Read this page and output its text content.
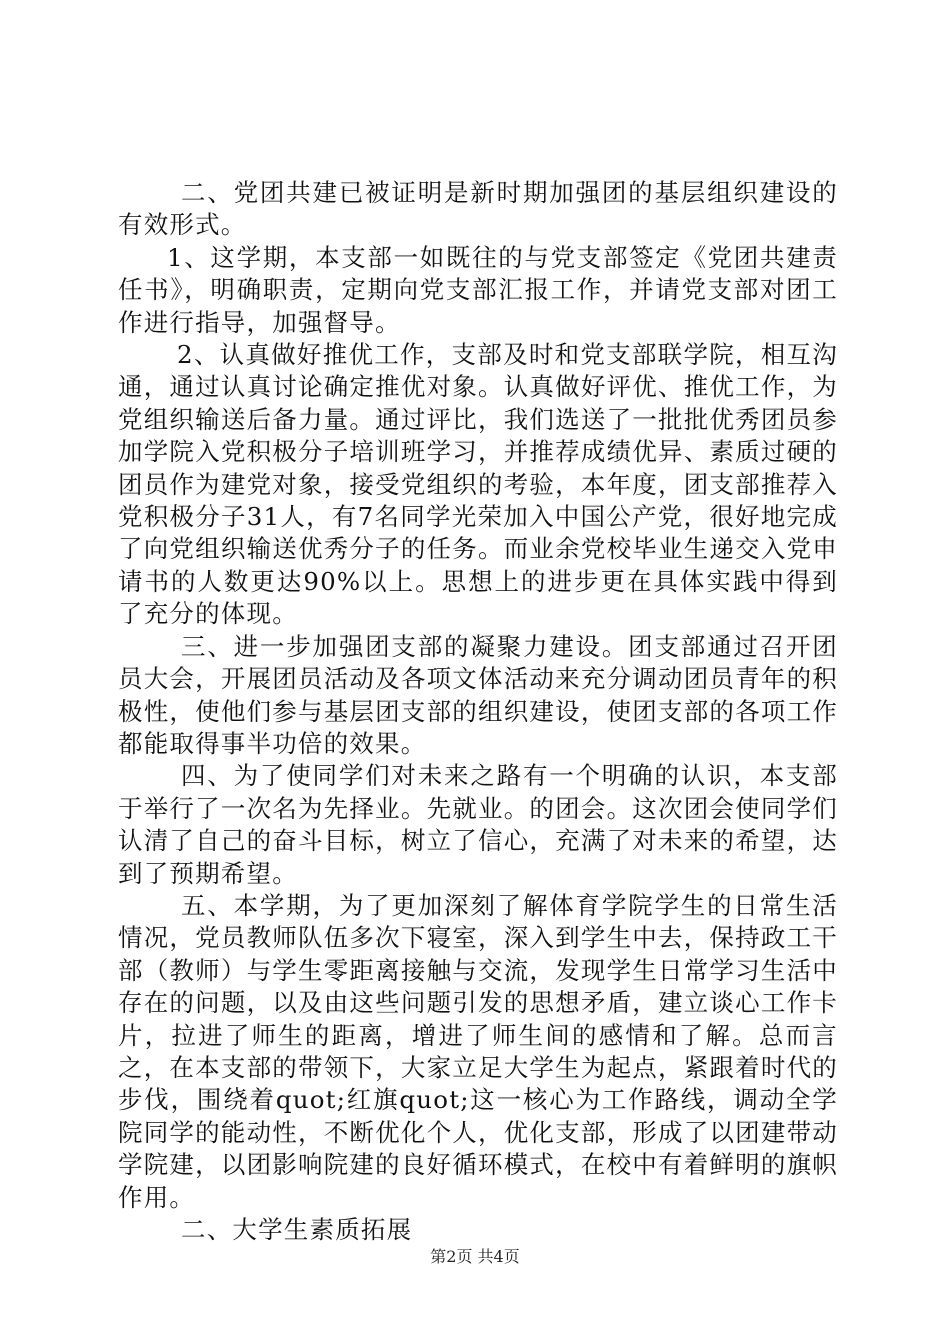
二、党团共建已被证明是新时期加强团的基层组织建设的有效形式。

1、这学期，本支部一如既往的与党支部签定《党团共建责任书》，明确职责，定期向党支部汇报工作，并请党支部对团工作进行指导，加强督导。

2、认真做好推优工作，支部及时和党支部联学院，相互沟通，通过认真讨论确定推优对象。认真做好评优、推优工作，为党组织输送后备力量。通过评比，我们选送了一批批优秀团员参加学院入党积极分子培训班学习，并推荐成绩优异、素质过硬的团员作为建党对象，接受党组织的考验，本年度，团支部推荐入党积极分子31人，有7名同学光荣加入中国公产党，很好地完成了向党组织输送优秀分子的任务。而业余党校毕业生递交入党申请书的人数更达90%以上。思想上的进步更在具体实践中得到了充分的体现。

三、进一步加强团支部的凝聚力建设。团支部通过召开团员大会，开展团员活动及各项文体活动来充分调动团员青年的积极性，使他们参与基层团支部的组织建设，使团支部的各项工作都能取得事半功倍的效果。

四、为了使同学们对未来之路有一个明确的认识，本支部于举行了一次名为先择业。先就业。的团会。这次团会使同学们认清了自己的奋斗目标，树立了信心，充满了对未来的希望，达到了预期希望。

五、本学期，为了更加深刻了解体育学院学生的日常生活情况，党员教师队伍多次下寝室，深入到学生中去，保持政工干部（教师）与学生零距离接触与交流，发现学生日常学习生活中存在的问题，以及由这些问题引发的思想矛盾，建立谈心工作卡片，拉进了师生的距离，增进了师生间的感情和了解。总而言之，在本支部的带领下，大家立足大学生为起点，紧跟着时代的步伐，围绕着quot;红旗quot;这一核心为工作路线，调动全学院同学的能动性，不断优化个人，优化支部，形成了以团建带动学院建，以团影响院建的良好循环模式，在校中有着鲜明的旗帜作用。

二、大学生素质拓展

第2页 共4页
